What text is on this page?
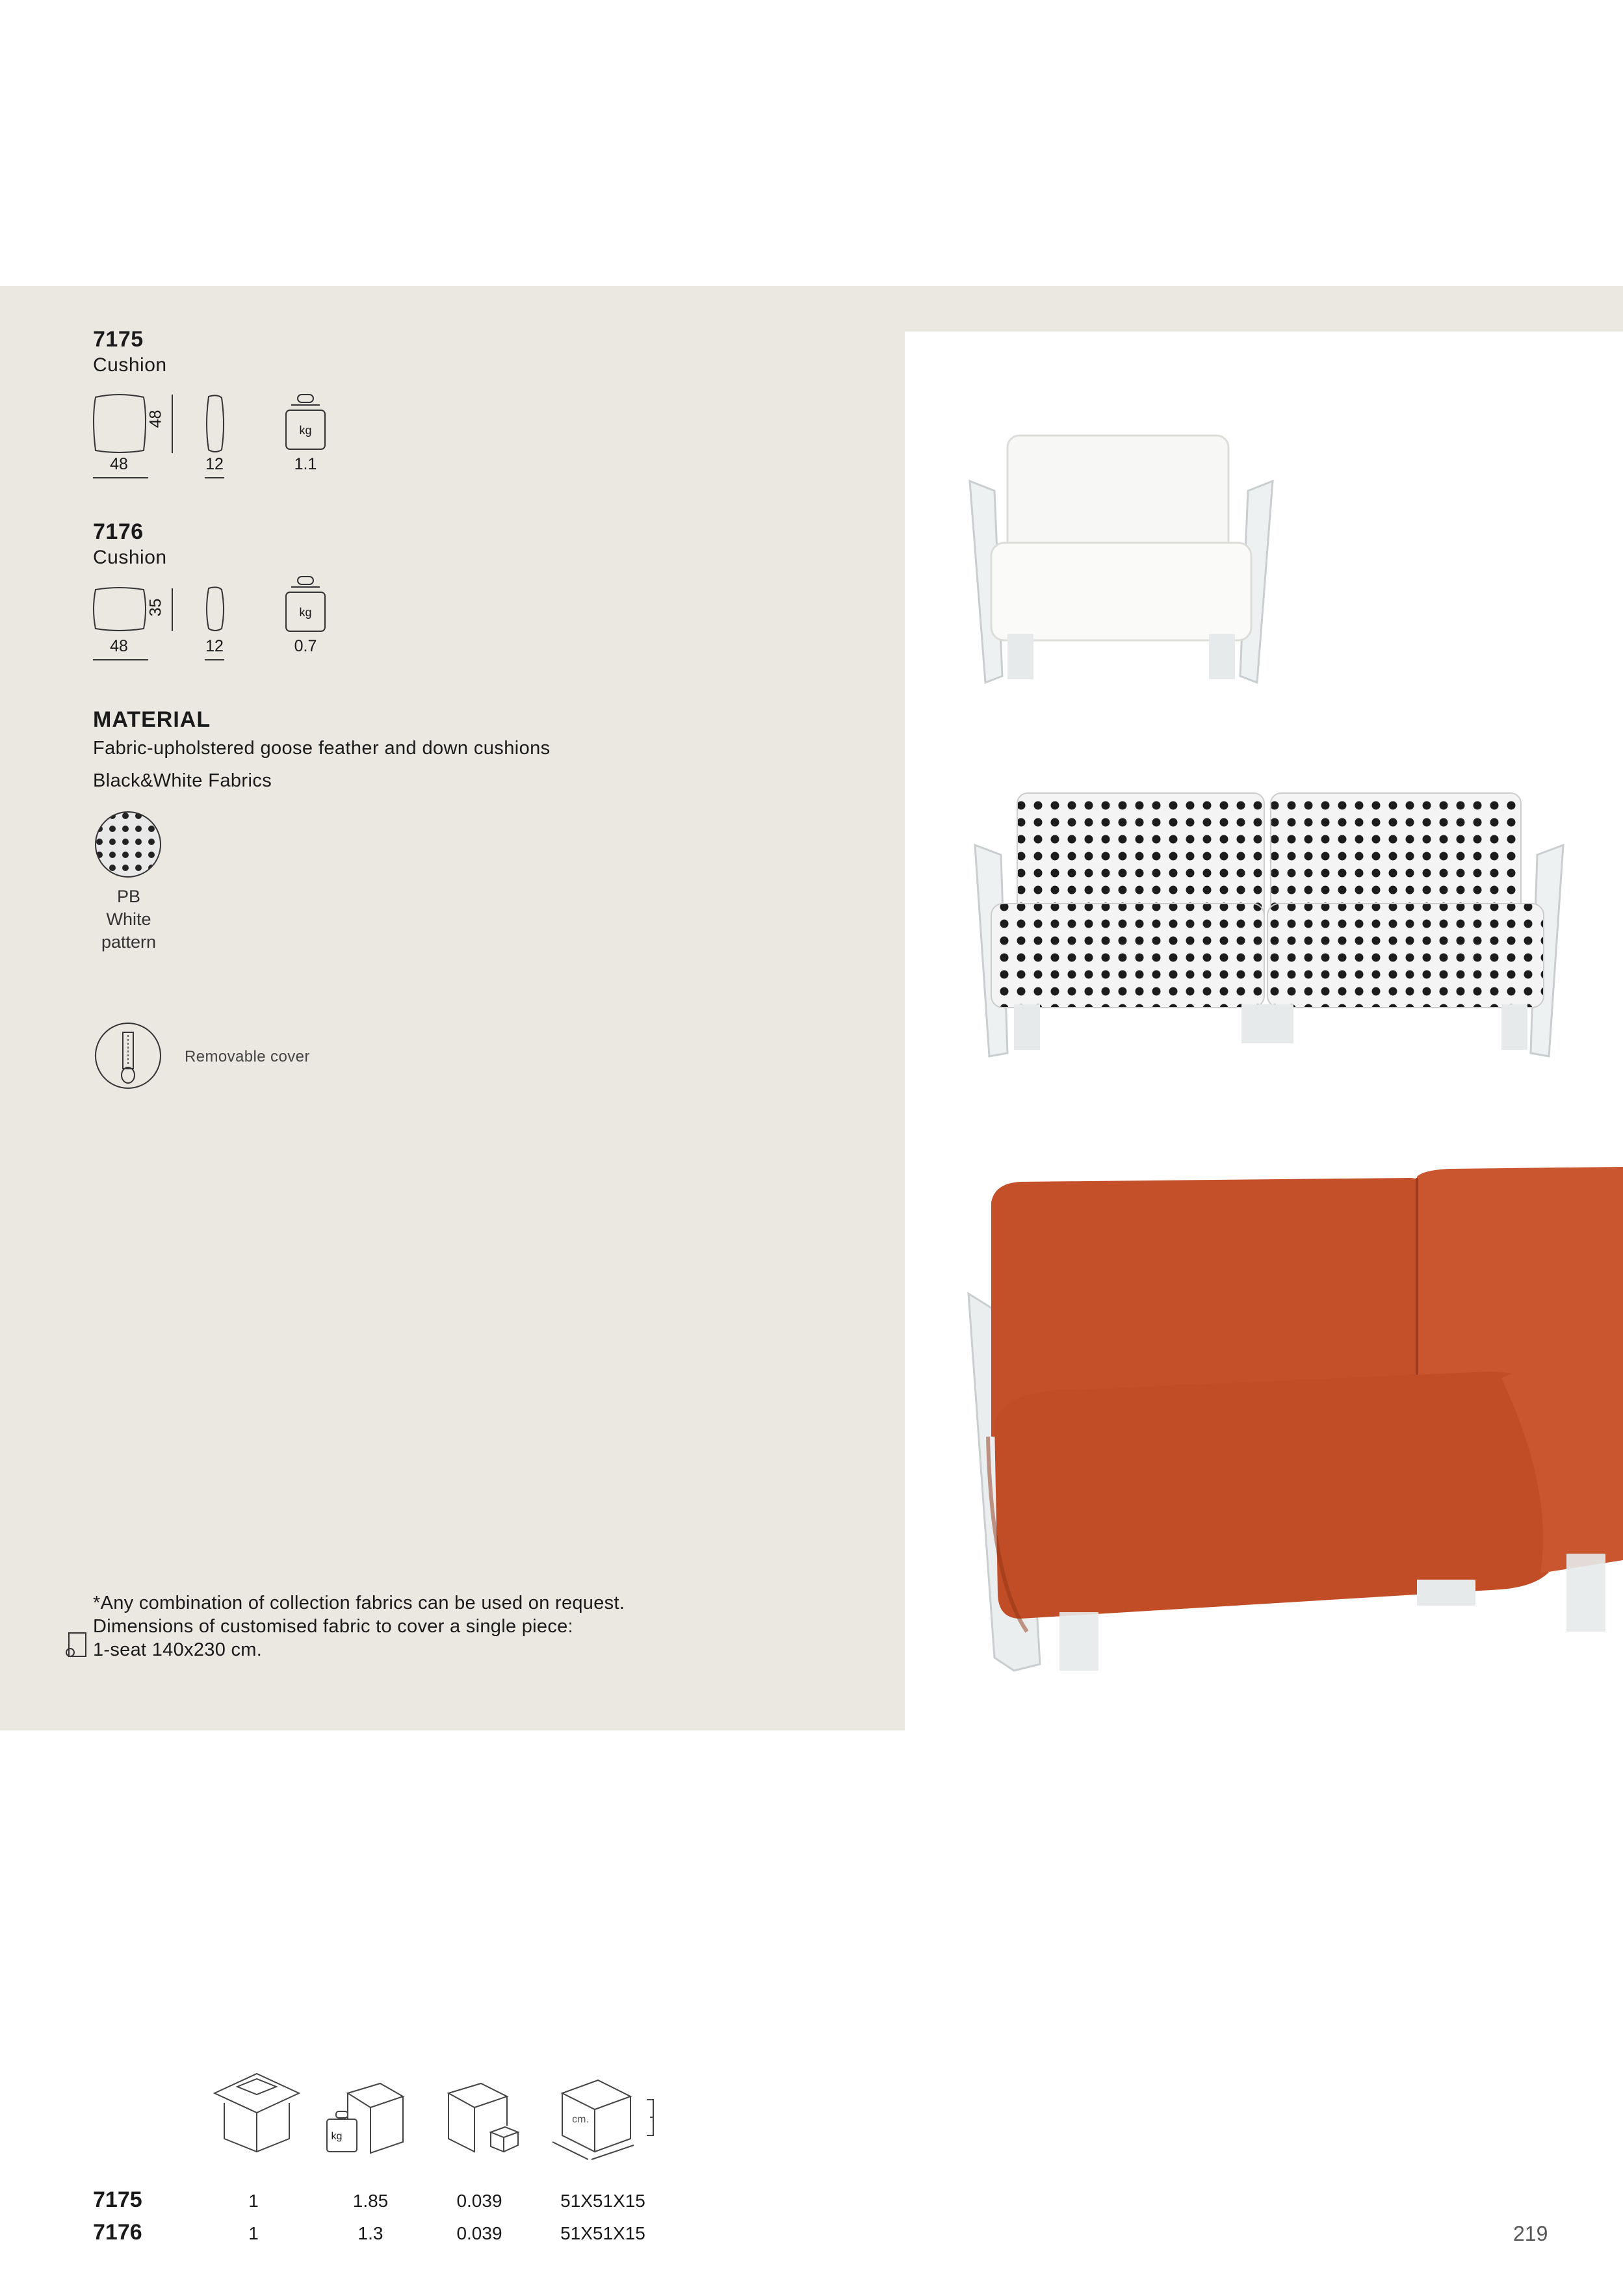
7175
Cushion
48
kg
48	12	1.1
7176
Cushion
35	kg
48	12	0.7
MATERIAL
Fabric-upholstered goose feather and down cushions
Black&White Fabrics
PB
White
pattern
Removable cover
*Any combination of collection fabrics can be used on request.
Dimensions of customised fabric to cover a single piece:
1-seat 140x230 cm.
kg
cm.
7175	1	1.85	0.039	51X51X15
7176	1	1.3	0.039	51X51X15	219
